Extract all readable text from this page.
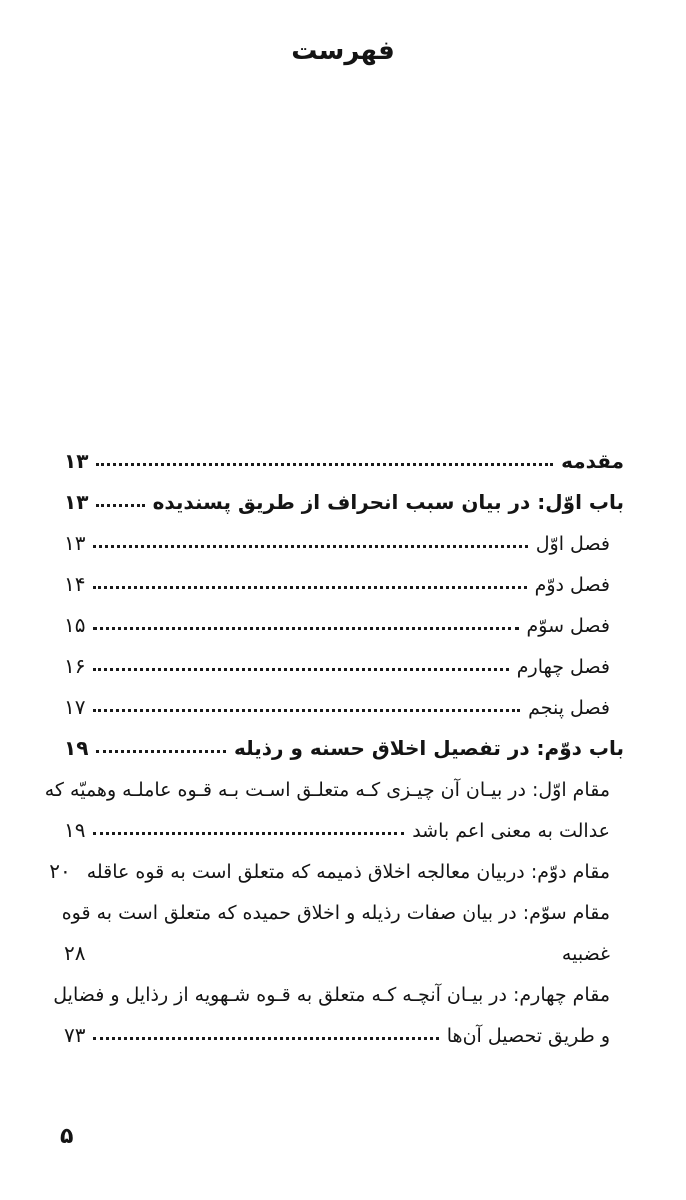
فهرست
مقدمه
۱۳
باب اوّل: در بیان سبب انحراف از طریق پسندیده
۱۳
فصل اوّل
۱۳
فصل دوّم
۱۴
فصل سوّم
۱۵
فصل چهارم
۱۶
فصل پنجم
۱۷
باب دوّم: در تفصیل اخلاق حسنه و رذیله
۱۹
مقام اوّل: در بیـان آن چیـزی کـه متعلـق اسـت بـه قـوه عاملـه وهمیّه که
عدالت به معنی اعم باشد
۱۹
مقام دوّم: دربیان معالجه اخلاق ذمیمه که متعلق است به قوه عاقله
۲۰
مقام سوّم: در بیان صفات رذیله و اخلاق حمیده که متعلق است به قوه
غضبیه
۲۸
مقام چهارم: در بیـان آنچـه کـه متعلق به قـوه شـهویه از رذایل و فضایل
و طریق تحصیل آن‌ها
۷۳
۵
